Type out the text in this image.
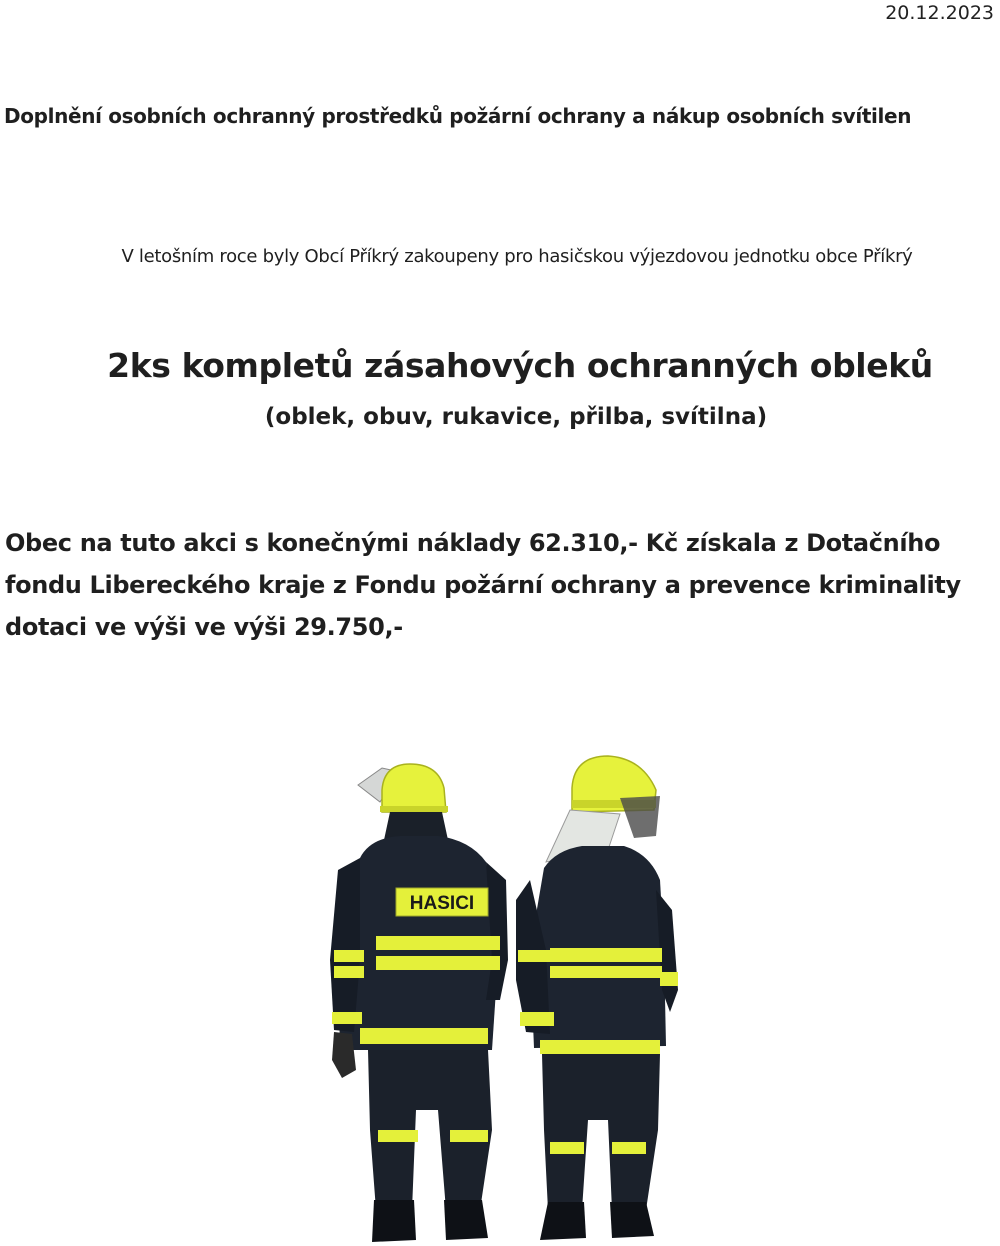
20.12.2023
Doplnění osobních ochranný prostředků požární ochrany a nákup osobních svítilen
V letošním roce byly Obcí Příkrý zakoupeny pro hasičskou výjezdovou jednotku obce Příkrý
2ks kompletů zásahových ochranných obleků
(oblek, obuv, rukavice, přilba, svítilna)
Obec na tuto akci s konečnými náklady 62.310,- Kč získala z Dotačního
fondu Libereckého kraje z Fondu požární ochrany a prevence kriminality
dotaci ve výši ve výši 29.750,-
HASICI
